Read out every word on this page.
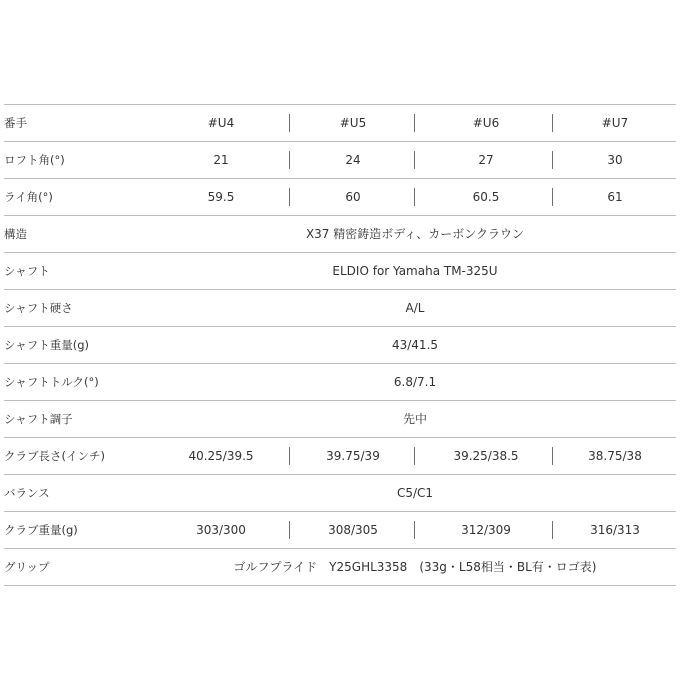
番手	#U4	#U5	#U6	#U7
ロフト角(°)	21	24	27	30
ライ角(°)	59.5	60	60.5	61
構造	X37 精密鋳造ボディ、カーボンクラウン
シャフト	ELDIO for Yamaha TM-325U
シャフト硬さ	A/L
シャフト重量(g)	43/41.5
シャフトトルク(°)	6.8/7.1
シャフト調子	先中
クラブ長さ(インチ)	40.25/39.5	39.75/39	39.25/38.5	38.75/38
バランス	C5/C1
クラブ重量(g)	303/300	308/305	312/309	316/313
グリップ	ゴルフプライド　Y25GHL3358　(33g・L58相当・BL有・ロゴ表)
